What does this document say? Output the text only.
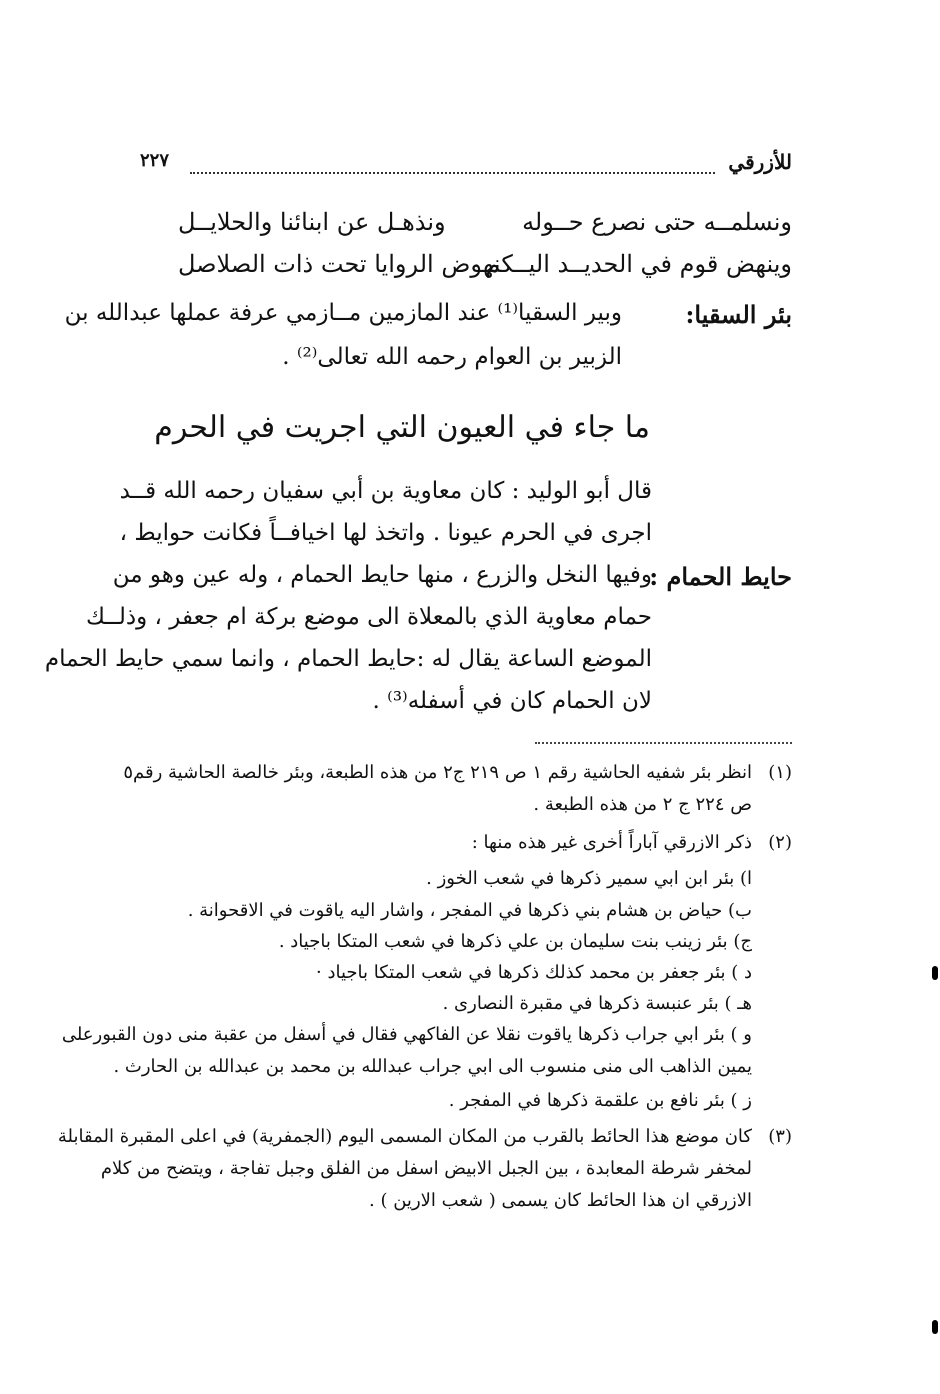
للأزرقي
٢٢٧
ونسلمــه حتى نصرع حــوله
ونذهـل عن ابنائنا والحلايــل
وينهض قوم في الحديــد اليــكم
نهوض الروايا تحت ذات الصلاصل
بئر السقيا:
وبير السقيا⁽¹⁾ عند المازمين مــازمي عرفة عملها عبدالله بن
الزبير بن العوام رحمه الله تعالى⁽²⁾ .
ما جاء في العيون التي اجريت في الحرم
قال أبو الوليد : كان معاوية بن أبي سفيان رحمه الله قــد
اجرى في الحرم عيونا . واتخذ لها اخيافــاً فكانت حوايط ،
حايط الحمام :
وفيها النخل والزرع ، منها حايط الحمام ، وله عين وهو من
حمام معاوية الذي بالمعلاة الى موضع بركة ام جعفر ، وذلــك
الموضع الساعة يقال له :حايط الحمام ، وانما سمي حايط الحمام
لان الحمام كان في أسفله⁽³⁾ .
(١)
انظر بئر شفيه الحاشية رقم ١ ص ٢١٩ ج٢ من هذه الطبعة، وبئر خالصة الحاشية رقم٥
ص ٢٢٤ ج ٢ من هذه الطبعة .
(٢)
ذكر الازرقي آباراً أخرى غير هذه منها :
ا) بئر ابن ابي سمير ذكرها في شعب الخوز .
ب) حياض بن هشام بني ذكرها في المفجر ، واشار اليه ياقوت في الاقحوانة .
ج) بئر زينب بنت سليمان بن علي ذكرها في شعب المتكا باجياد .
د ) بئر جعفر بن محمد كذلك ذكرها في شعب المتكا باجياد ·
هـ ) بئر عنبسة ذكرها في مقبرة النصارى .
و ) بئر ابي جراب ذكرها ياقوت نقلا عن الفاكهي فقال في أسفل من عقبة منى دون القبورعلى
يمين الذاهب الى منى منسوب الى ابي جراب عبدالله بن محمد بن عبدالله بن الحارث .
ز ) بئر نافع بن علقمة ذكرها في المفجر .
(٣)
كان موضع هذا الحائط بالقرب من المكان المسمى اليوم (الجمفرية) في اعلى المقبرة المقابلة
لمخفر شرطة المعابدة ، بين الجبل الابيض اسفل من الفلق وجبل تفاجة ، ويتضح من كلام
الازرقي ان هذا الحائط كان يسمى ( شعب الارين ) .
